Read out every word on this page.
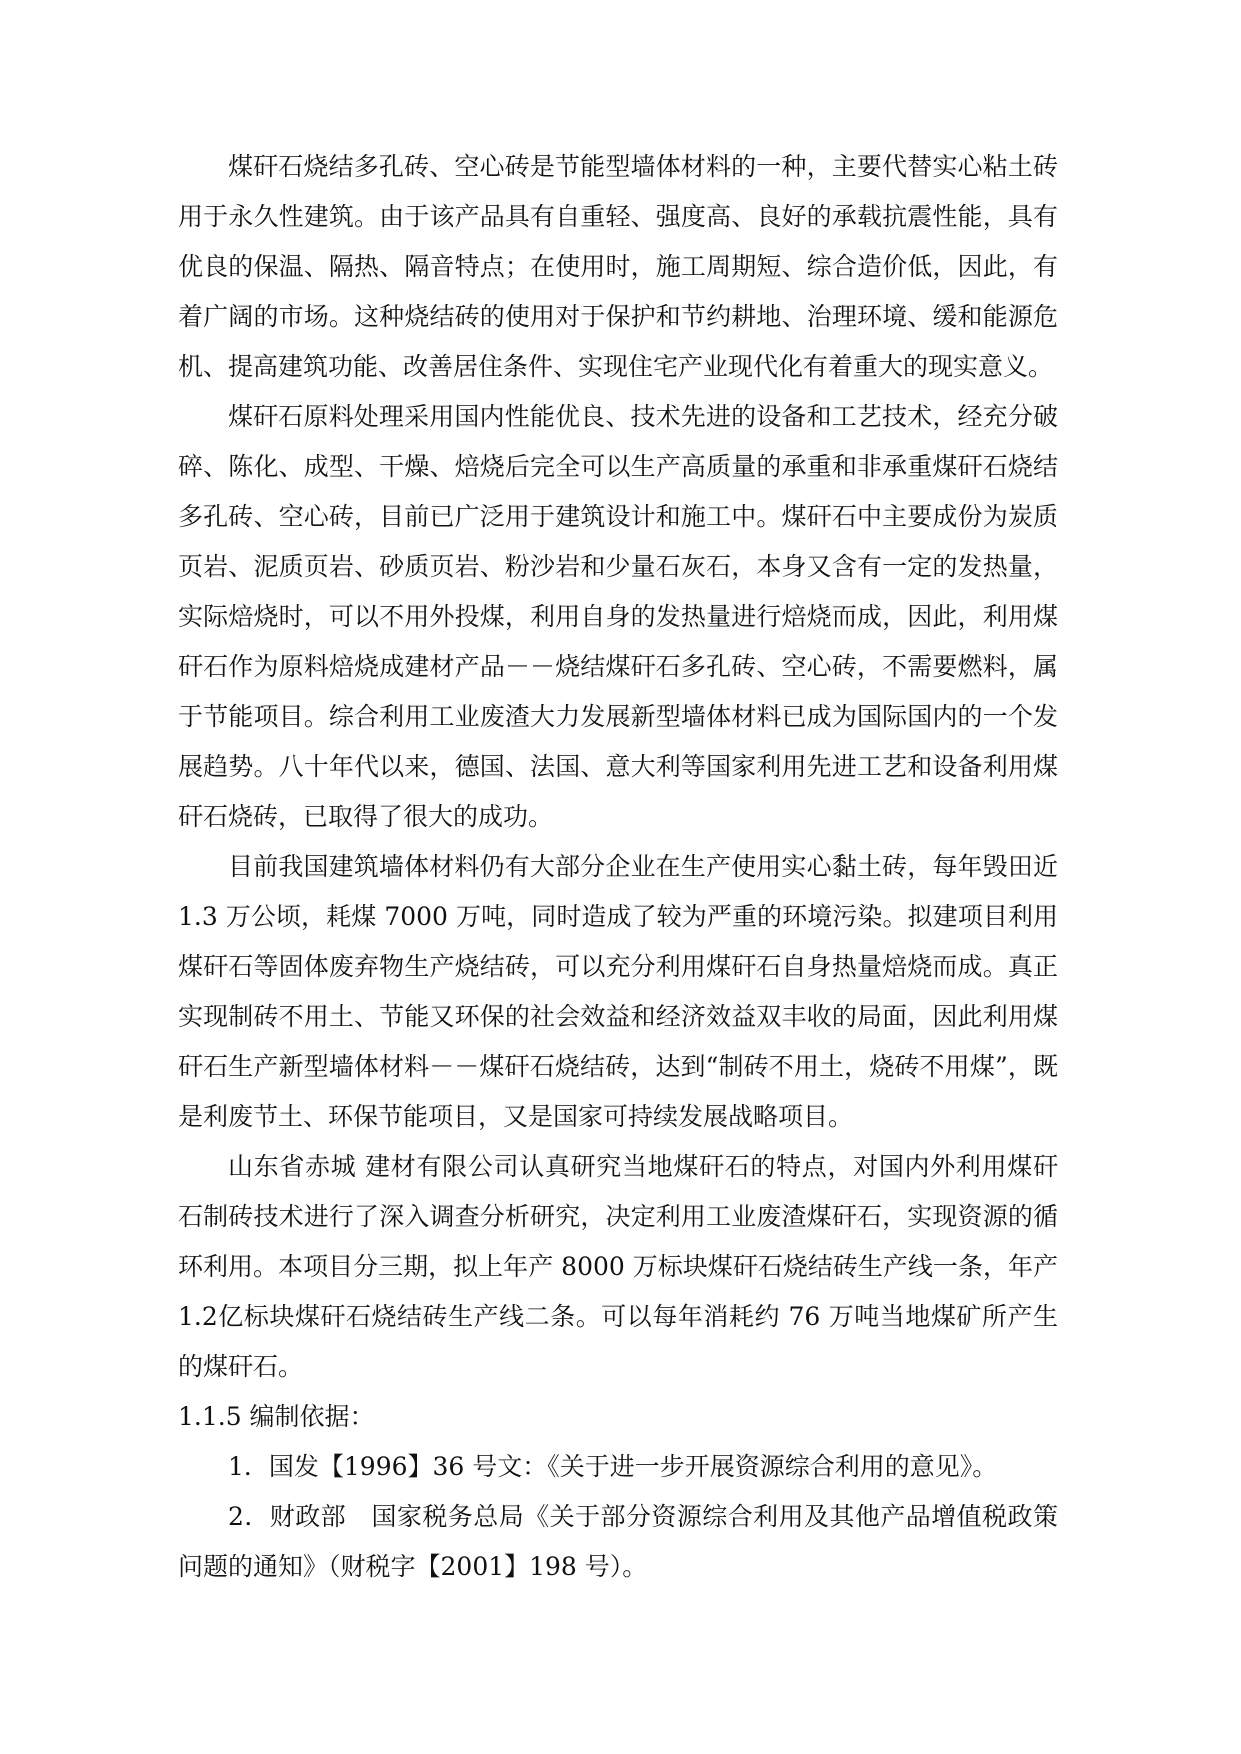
煤矸石烧结多孔砖、空心砖是节能型墙体材料的一种，主要代替实心粘土砖用于永久性建筑。由于该产品具有自重轻、强度高、良好的承载抗震性能，具有优良的保温、隔热、隔音特点；在使用时，施工周期短、综合造价低，因此，有着广阔的市场。这种烧结砖的使用对于保护和节约耕地、治理环境、缓和能源危机、提高建筑功能、改善居住条件、实现住宅产业现代化有着重大的现实意义。

煤矸石原料处理采用国内性能优良、技术先进的设备和工艺技术，经充分破碎、陈化、成型、干燥、焙烧后完全可以生产高质量的承重和非承重煤矸石烧结多孔砖、空心砖，目前已广泛用于建筑设计和施工中。煤矸石中主要成份为炭质页岩、泥质页岩、砂质页岩、粉沙岩和少量石灰石，本身又含有一定的发热量，实际焙烧时，可以不用外投煤，利用自身的发热量进行焙烧而成，因此，利用煤矸石作为原料焙烧成建材产品－－烧结煤矸石多孔砖、空心砖，不需要燃料，属于节能项目。综合利用工业废渣大力发展新型墙体材料已成为国际国内的一个发展趋势。八十年代以来，德国、法国、意大利等国家利用先进工艺和设备利用煤矸石烧砖，已取得了很大的成功。

目前我国建筑墙体材料仍有大部分企业在生产使用实心黏土砖，每年毁田近1.3 万公顷，耗煤 7000 万吨，同时造成了较为严重的环境污染。拟建项目利用煤矸石等固体废弃物生产烧结砖，可以充分利用煤矸石自身热量焙烧而成。真正实现制砖不用土、节能又环保的社会效益和经济效益双丰收的局面，因此利用煤矸石生产新型墙体材料－－煤矸石烧结砖，达到“制砖不用土，烧砖不用煤”，既是利废节土、环保节能项目，又是国家可持续发展战略项目。

山东省赤城 建材有限公司认真研究当地煤矸石的特点，对国内外利用煤矸石制砖技术进行了深入调查分析研究，决定利用工业废渣煤矸石，实现资源的循环利用。本项目分三期，拟上年产 8000 万标块煤矸石烧结砖生产线一条，年产 1.2亿标块煤矸石烧结砖生产线二条。可以每年消耗约 76 万吨当地煤矿所产生的煤矸石。

1.1.5 编制依据：

1．国发【1996】36 号文：《关于进一步开展资源综合利用的意见》。

2．财政部　国家税务总局《关于部分资源综合利用及其他产品增值税政策问题的通知》（财税字【2001】198 号）。
